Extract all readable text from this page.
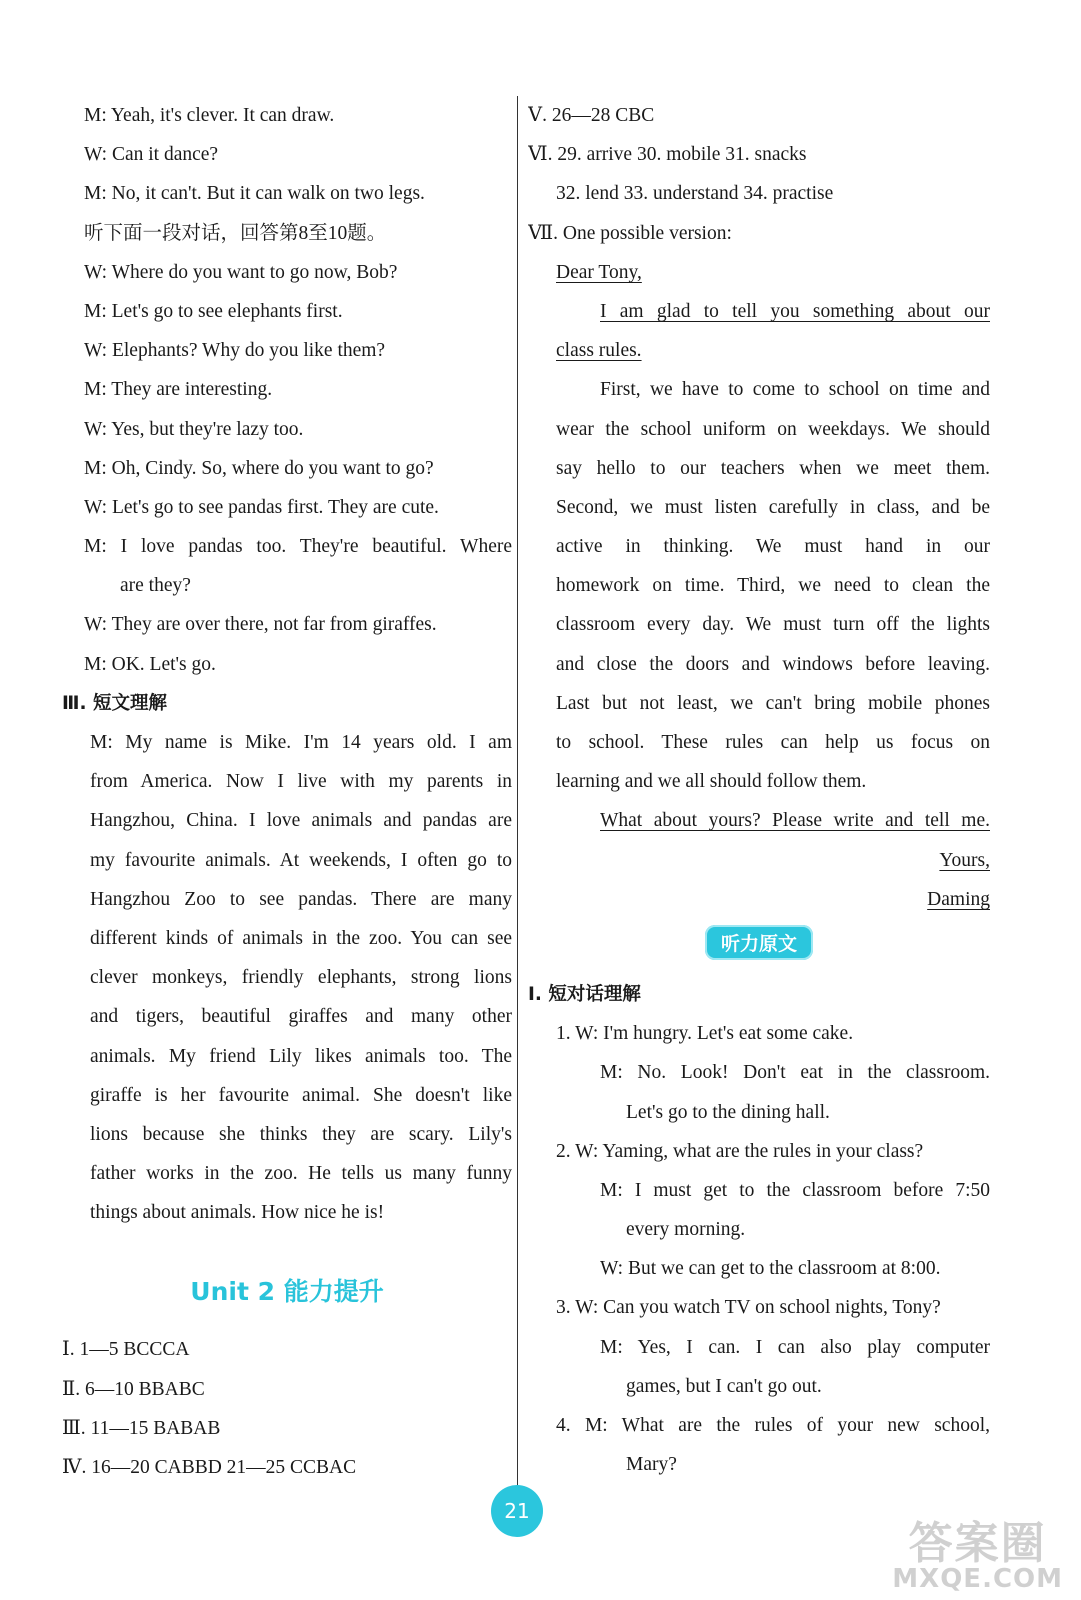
M: Yeah, it's clever. It can draw.
W: Can it dance?
M: No, it can't. But it can walk on two legs.
听下面一段对话，回答第8至10题。
W: Where do you want to go now, Bob?
M: Let's go to see elephants first.
W: Elephants? Why do you like them?
M: They are interesting.
W: Yes, but they're lazy too.
M: Oh, Cindy. So, where do you want to go?
W: Let's go to see pandas first. They are cute.
M: I love pandas too. They're beautiful. Where
are they?
W: They are over there, not far from giraffes.
M: OK. Let's go.
Ⅲ. 短文理解
M: My name is Mike. I'm 14 years old. I am
from America. Now I live with my parents in
Hangzhou, China. I love animals and pandas are
my favourite animals. At weekends, I often go to
Hangzhou Zoo to see pandas. There are many
different kinds of animals in the zoo. You can see
clever monkeys, friendly elephants, strong lions
and tigers, beautiful giraffes and many other
animals. My friend Lily likes animals too. The
giraffe is her favourite animal. She doesn't like
lions because she thinks they are scary. Lily's
father works in the zoo. He tells us many funny
things about animals. How nice he is!
Unit 2 能力提升
Ⅰ. 1—5 BCCCA
Ⅱ. 6—10 BBABC
Ⅲ. 11—15 BABAB
Ⅳ. 16—20 CABBD 21—25 CCBAC
Ⅴ. 26—28 CBC
Ⅵ. 29. arrive 30. mobile 31. snacks
32. lend 33. understand 34. practise
Ⅶ. One possible version:
Dear Tony,
I am glad to tell you something about our
class rules.
First, we have to come to school on time and
wear the school uniform on weekdays. We should
say hello to our teachers when we meet them.
Second, we must listen carefully in class, and be
active in thinking. We must hand in our
homework on time. Third, we need to clean the
classroom every day. We must turn off the lights
and close the doors and windows before leaving.
Last but not least, we can't bring mobile phones
to school. These rules can help us focus on
learning and we all should follow them.
What about yours? Please write and tell me.
Yours,
Daming
听力原文
Ⅰ. 短对话理解
1. W: I'm hungry. Let's eat some cake.
M: No. Look! Don't eat in the classroom.
Let's go to the dining hall.
2. W: Yaming, what are the rules in your class?
M: I must get to the classroom before 7:50
every morning.
W: But we can get to the classroom at 8:00.
3. W: Can you watch TV on school nights, Tony?
M: Yes, I can. I can also play computer
games, but I can't go out.
4. M: What are the rules of your new school,
Mary?
21
答案圈
MXQE.COM
